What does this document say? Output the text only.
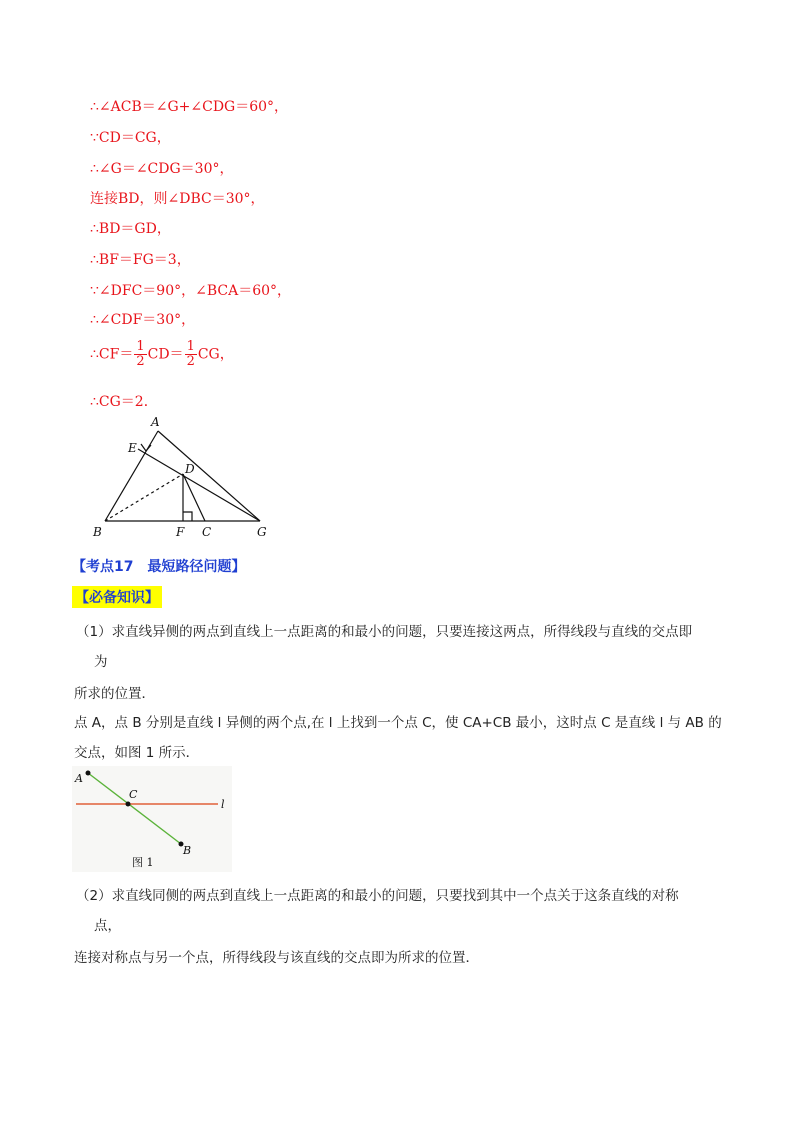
∴∠ACB＝∠G+∠CDG＝60°，
∵CD＝CG，
∴∠G＝∠CDG＝30°，
连接BD，则∠DBC＝30°，
∴BD＝GD，
∴BF＝FG＝3，
∵∠DFC＝90°，∠BCA＝60°，
∴∠CDF＝30°，
∴CF＝ $\frac{1}{2} CD= \frac{1}{2}$ CG，
∴CG＝2．
A
E
D
B	F C	G
【考点17　最短路径问题】
【必备知识】
（1）求直线异侧的两点到直线上一点距离的和最小的问题，只要连接这两点，所得线段与直线的交点即
为
所求的位置．
点 A，点 B 分别是直线 l 异侧的两个点,在 l 上找到一个点 C，使 CA+CB 最小，这时点 C 是直线 l 与 AB 的
交点，如图 1 所示．
A
C
B
l
图 1
（2）求直线同侧的两点到直线上一点距离的和最小的问题，只要找到其中一个点关于这条直线的对称
点，
连接对称点与另一个点，所得线段与该直线的交点即为所求的位置．
